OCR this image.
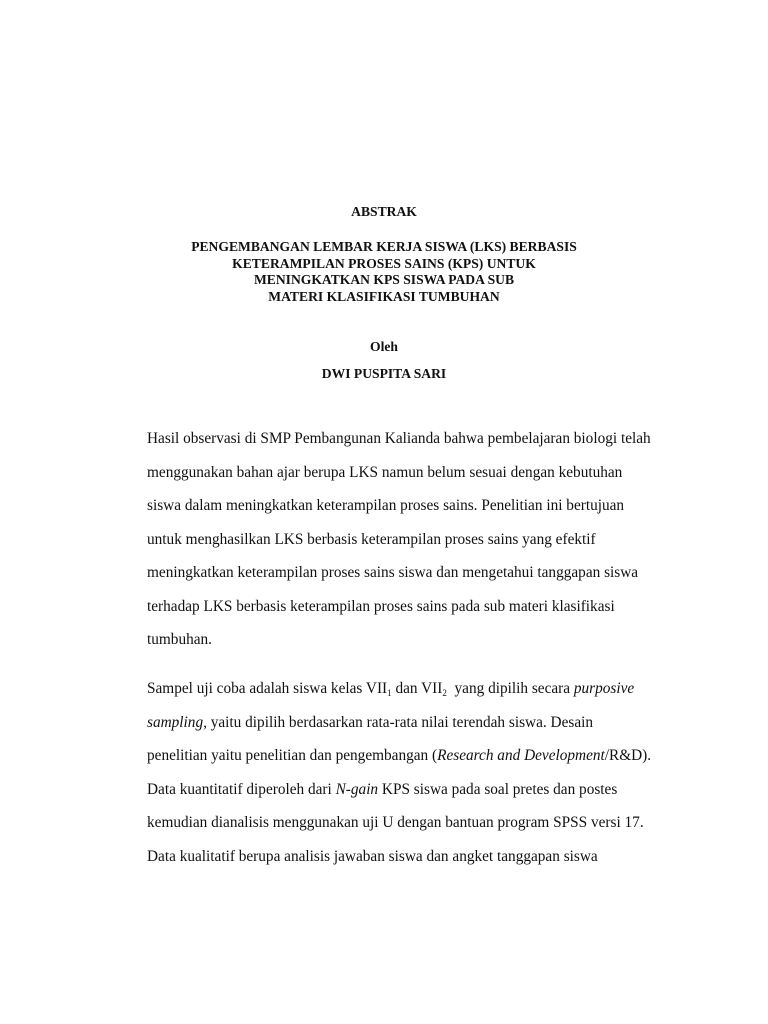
ABSTRAK
PENGEMBANGAN LEMBAR KERJA SISWA (LKS) BERBASIS
KETERAMPILAN PROSES SAINS (KPS) UNTUK
MENINGKATKAN KPS SISWA PADA SUB
MATERI KLASIFIKASI TUMBUHAN
Oleh
DWI PUSPITA SARI
Hasil observasi di SMP Pembangunan Kalianda bahwa pembelajaran biologi telah
menggunakan bahan ajar berupa LKS namun belum sesuai dengan kebutuhan
siswa dalam meningkatkan keterampilan proses sains. Penelitian ini bertujuan
untuk menghasilkan LKS berbasis keterampilan proses sains yang efektif
meningkatkan keterampilan proses sains siswa dan mengetahui tanggapan siswa
terhadap LKS berbasis keterampilan proses sains pada sub materi klasifikasi
tumbuhan.
Sampel uji coba adalah siswa kelas $VII_1$ dan $VII_2$  yang dipilih secara purposive
sampling, yaitu dipilih berdasarkan rata-rata nilai terendah siswa. Desain
penelitian yaitu penelitian dan pengembangan (Research and Development/R&D).
Data kuantitatif diperoleh dari N-gain KPS siswa pada soal pretes dan postes
kemudian dianalisis menggunakan uji U dengan bantuan program SPSS versi 17.
Data kualitatif berupa analisis jawaban siswa dan angket tanggapan siswa
